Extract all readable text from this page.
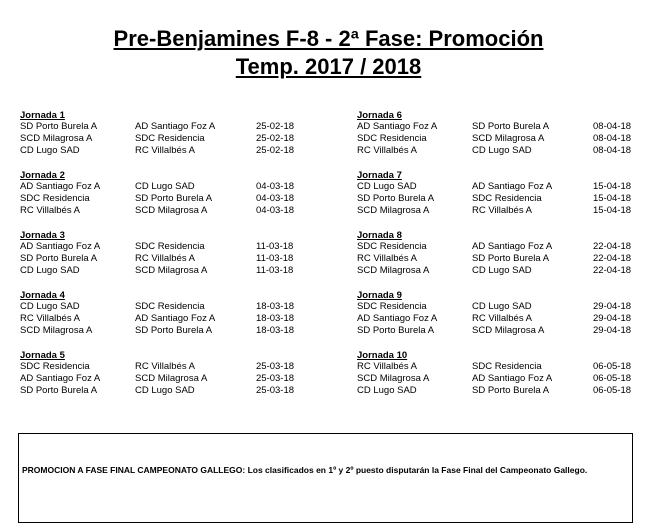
Pre-Benjamines F-8 - 2ª Fase: Promoción
Temp. 2017 / 2018
Jornada 1
SD Porto Burela A	AD Santiago Foz A	25-02-18
SCD Milagrosa A	SDC Residencia	25-02-18
CD Lugo SAD	RC Villalbés A	25-02-18
Jornada 2
AD Santiago Foz A	CD Lugo SAD	04-03-18
SDC Residencia	SD Porto Burela A	04-03-18
RC Villalbés A	SCD Milagrosa A	04-03-18
Jornada 3
AD Santiago Foz A	SDC Residencia	11-03-18
SD Porto Burela A	RC Villalbés A	11-03-18
CD Lugo SAD	SCD Milagrosa A	11-03-18
Jornada 4
CD Lugo SAD	SDC Residencia	18-03-18
RC Villalbés A	AD Santiago Foz A	18-03-18
SCD Milagrosa A	SD Porto Burela A	18-03-18
Jornada 5
SDC Residencia	RC Villalbés A	25-03-18
AD Santiago Foz A	SCD Milagrosa A	25-03-18
SD Porto Burela A	CD Lugo SAD	25-03-18
Jornada 6
AD Santiago Foz A	SD Porto Burela A	08-04-18
SDC Residencia	SCD Milagrosa A	08-04-18
RC Villalbés A	CD Lugo SAD	08-04-18
Jornada 7
CD Lugo SAD	AD Santiago Foz A	15-04-18
SD Porto Burela A	SDC Residencia	15-04-18
SCD Milagrosa A	RC Villalbés A	15-04-18
Jornada 8
SDC Residencia	AD Santiago Foz A	22-04-18
RC Villalbés A	SD Porto Burela A	22-04-18
SCD Milagrosa A	CD Lugo SAD	22-04-18
Jornada 9
SDC Residencia	CD Lugo SAD	29-04-18
AD Santiago Foz A	RC Villalbés A	29-04-18
SD Porto Burela A	SCD Milagrosa A	29-04-18
Jornada 10
RC Villalbés A	SDC Residencia	06-05-18
SCD Milagrosa A	AD Santiago Foz A	06-05-18
CD Lugo SAD	SD Porto Burela A	06-05-18
PROMOCION A FASE FINAL CAMPEONATO GALLEGO: Los clasificados en 1º y 2º puesto disputarán la Fase Final del Campeonato Gallego.
